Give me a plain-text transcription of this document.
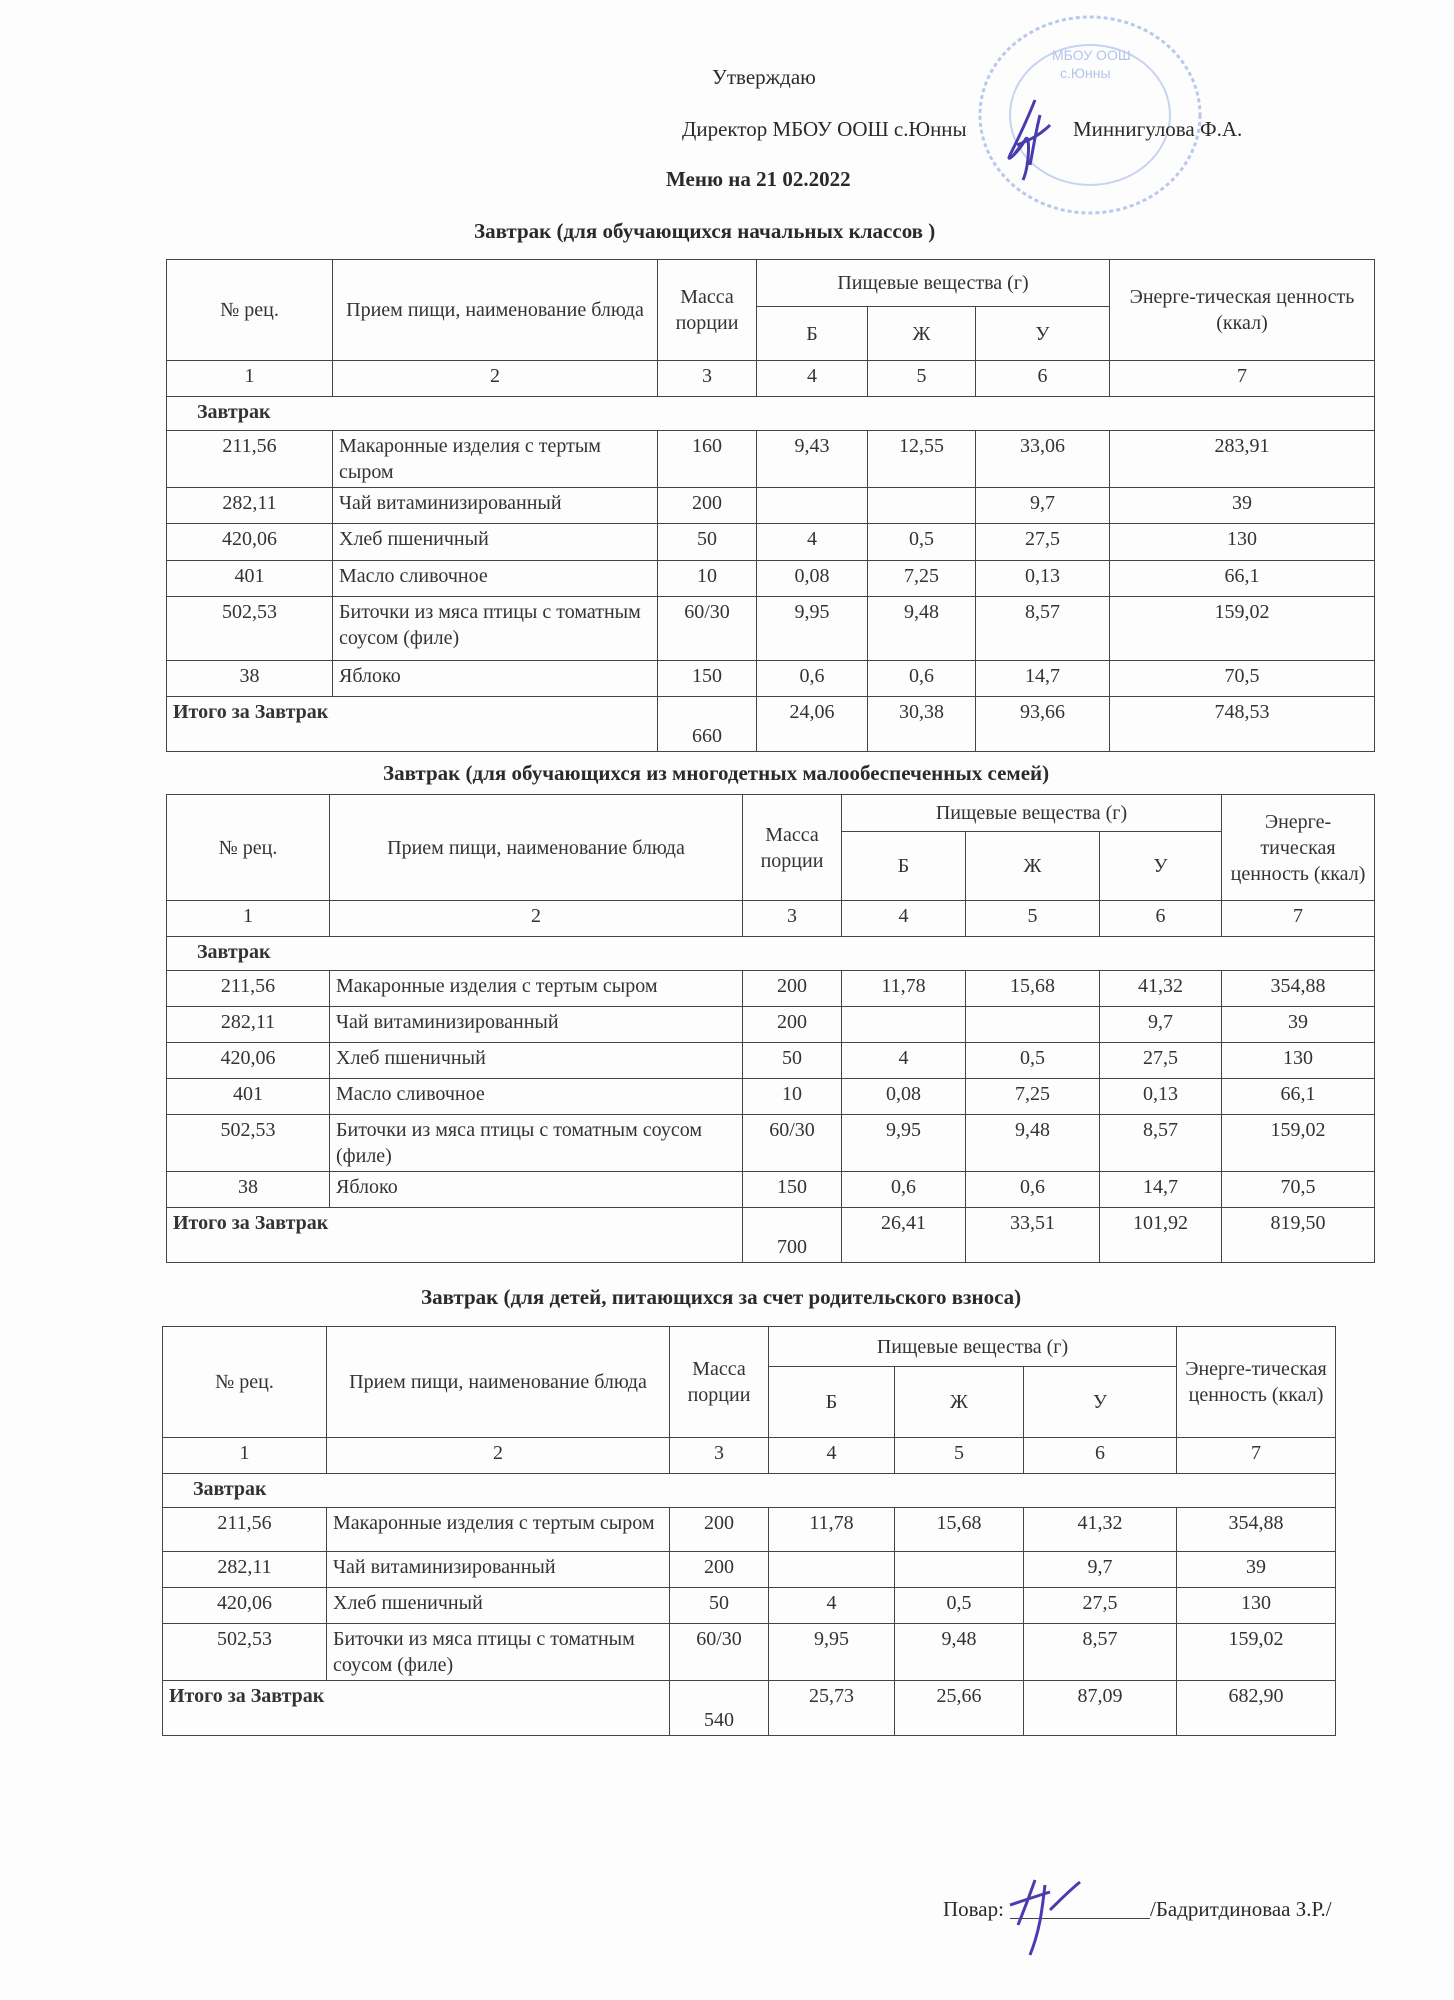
МБОУ ООШ
с.Юнны
Утверждаю
Директор МБОУ ООШ с.Юнны	Миннигулова Ф.А.
Меню на 21 02.2022
Завтрак (для обучающихся начальных классов )
№ рец.	Прием пищи, наименование блюда	Масса порции	Пищевые вещества (г)			Энерге-тическая ценность (ккал)
			Б	Ж	У	
1	2	3	4	5	6	7
Завтрак						
211,56	Макаронные изделия с тертым сыром	160	9,43	12,55	33,06	283,91
282,11	Чай витаминизированный	200			9,7	39
420,06	Хлеб пшеничный	50	4	0,5	27,5	130
401	Масло сливочное	10	0,08	7,25	0,13	66,1
502,53	Биточки из мяса птицы с томатным соусом (филе)	60/30	9,95	9,48	8,57	159,02
38	Яблоко	150	0,6	0,6	14,7	70,5
Итого за Завтрак		660	24,06	30,38	93,66	748,53
Завтрак (для обучающихся из многодетных малообеспеченных семей)
№ рец.	Прием пищи, наименование блюда	Масса порции	Пищевые вещества (г)			Энерге-тическая ценность (ккал)
			Б	Ж	У	
1	2	3	4	5	6	7
Завтрак						
211,56	Макаронные изделия с тертым сыром	200	11,78	15,68	41,32	354,88
282,11	Чай витаминизированный	200			9,7	39
420,06	Хлеб пшеничный	50	4	0,5	27,5	130
401	Масло сливочное	10	0,08	7,25	0,13	66,1
502,53	Биточки из мяса птицы с томатным соусом (филе)	60/30	9,95	9,48	8,57	159,02
38	Яблоко	150	0,6	0,6	14,7	70,5
Итого за Завтрак		700	26,41	33,51	101,92	819,50
Завтрак (для детей, питающихся за счет родительского взноса)
№ рец.	Прием пищи, наименование блюда	Масса порции	Пищевые вещества (г)			Энерге-тическая ценность (ккал)
			Б	Ж	У	
1	2	3	4	5	6	7
Завтрак						
211,56	Макаронные изделия с тертым сыром	200	11,78	15,68	41,32	354,88
282,11	Чай витаминизированный	200			9,7	39
420,06	Хлеб пшеничный	50	4	0,5	27,5	130
502,53	Биточки из мяса птицы с томатным соусом (филе)	60/30	9,95	9,48	8,57	159,02
Итого за Завтрак		540	25,73	25,66	87,09	682,90
Повар:	/Бадритдиноваа З.Р./
